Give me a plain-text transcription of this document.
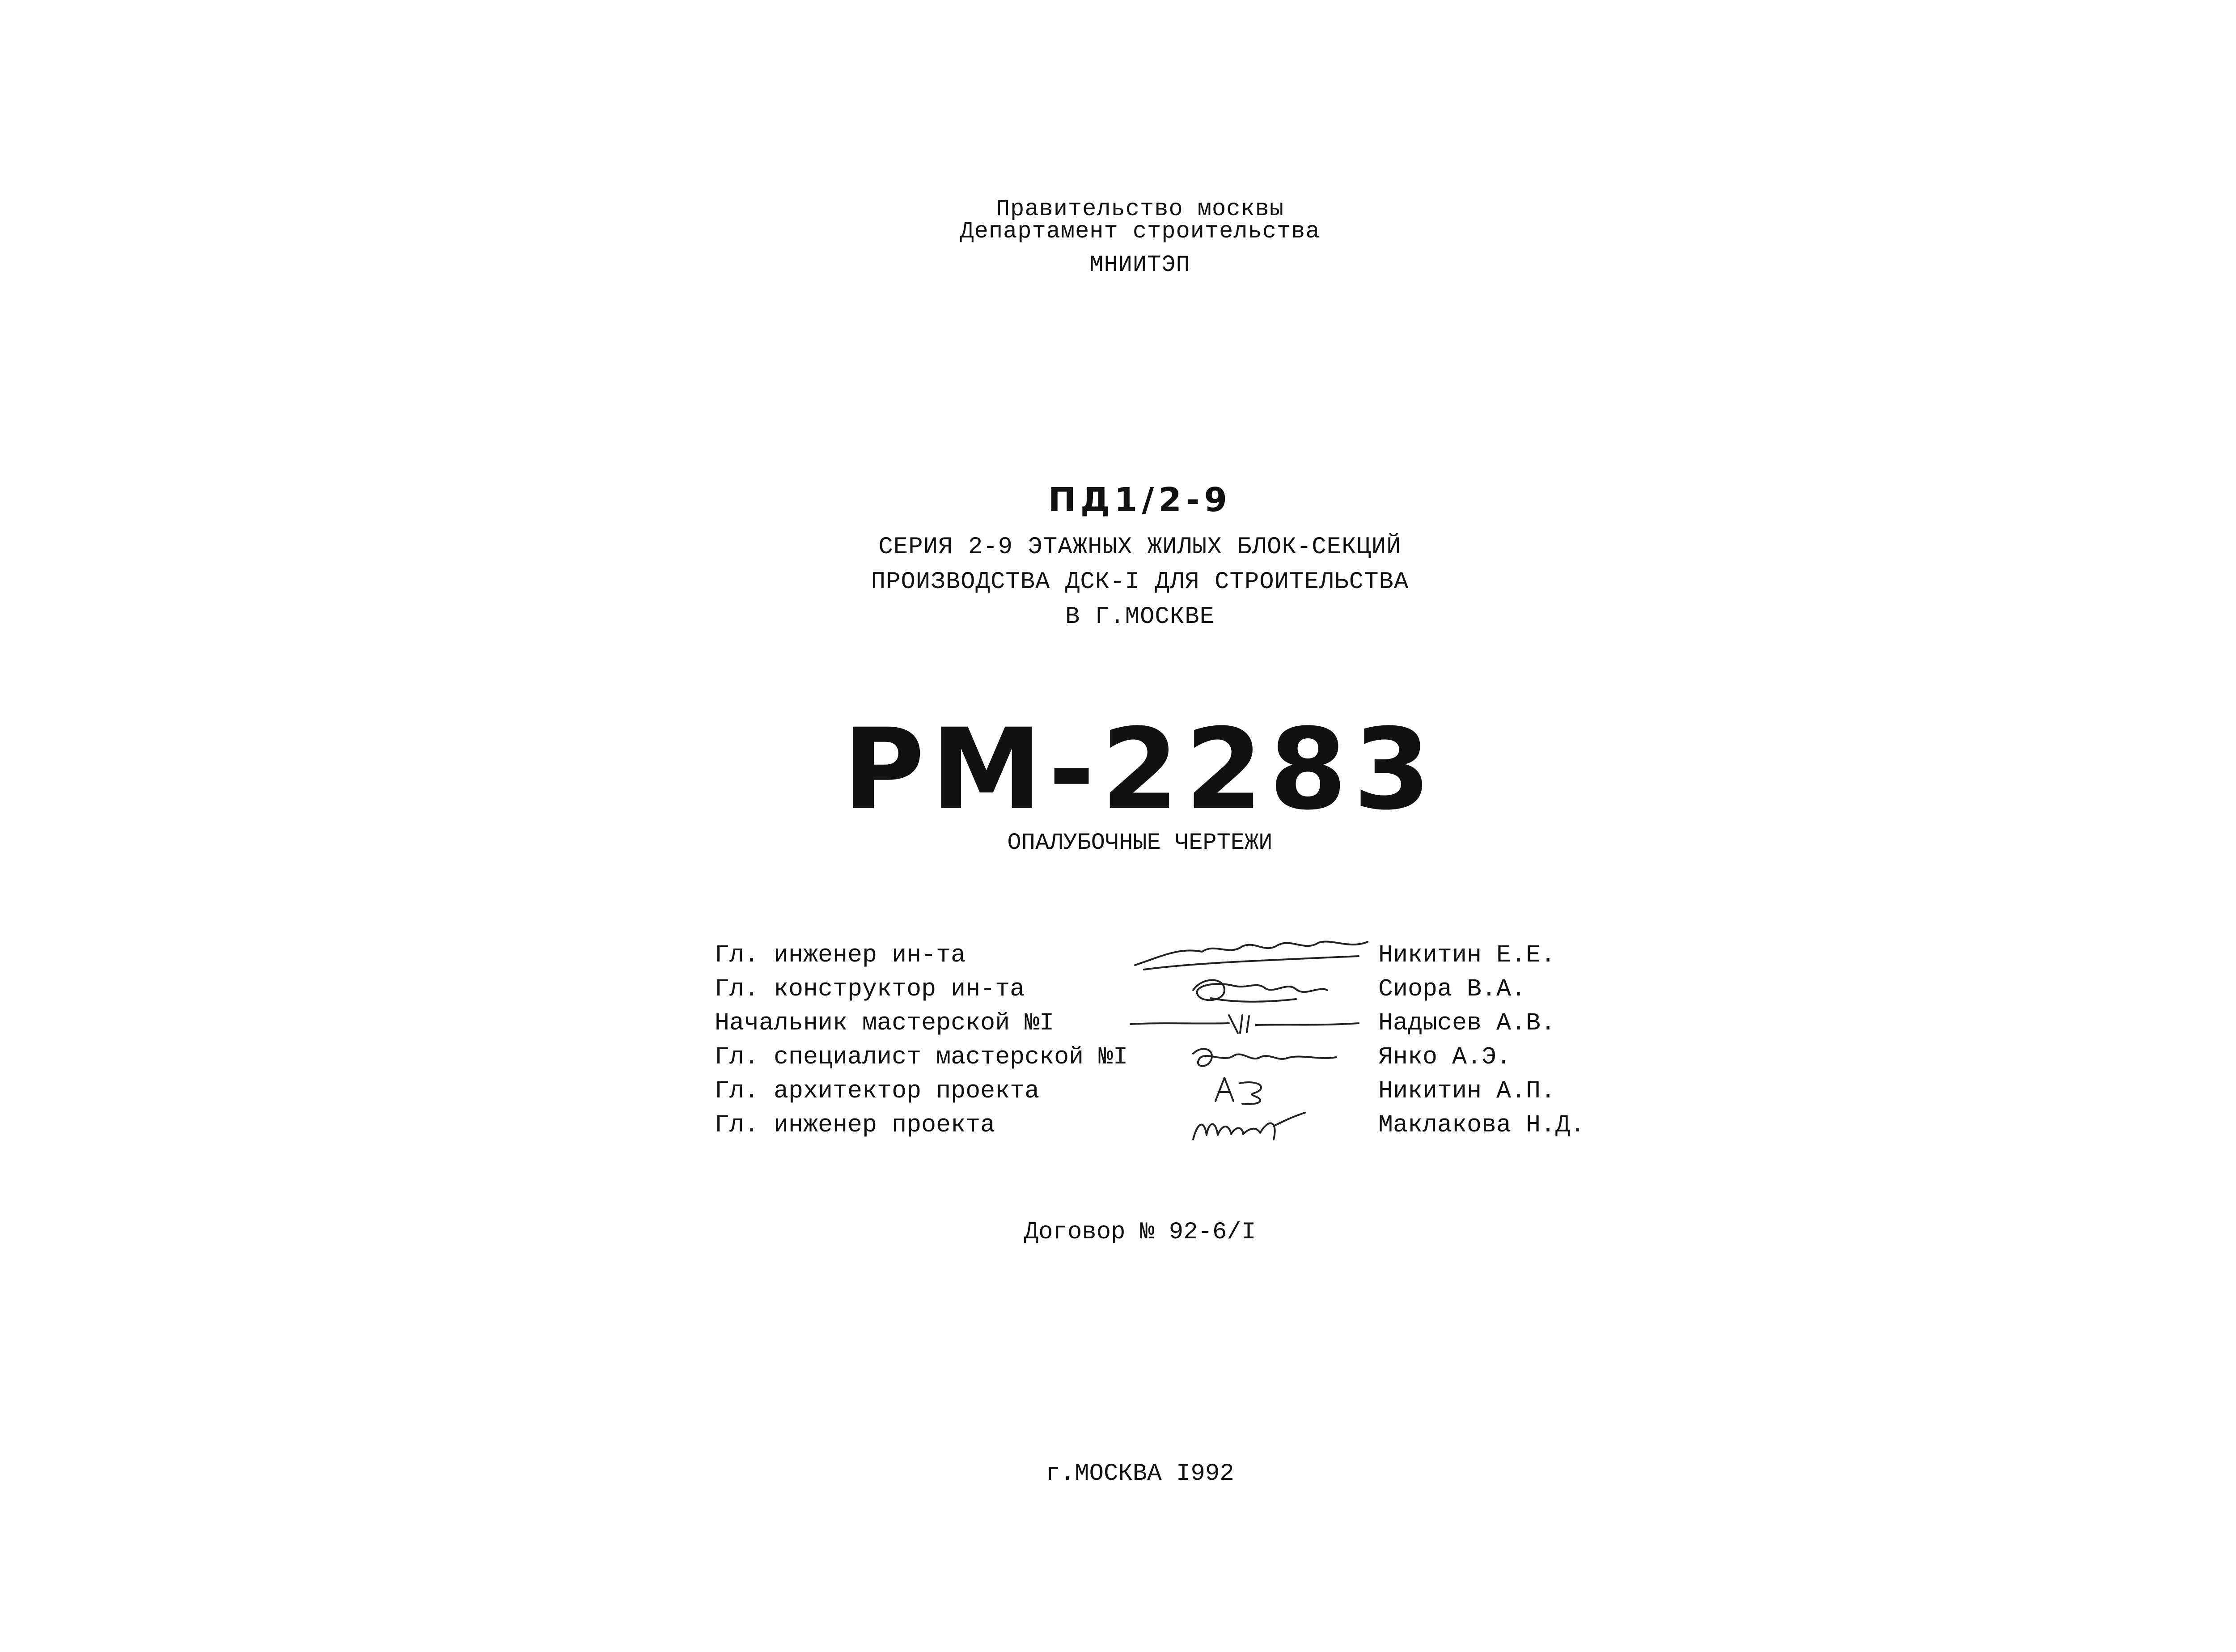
Правительство москвы
Департамент строительства
МНИИТЭП
ПД1/2-9
СЕРИЯ 2-9 ЭТАЖНЫХ ЖИЛЫХ БЛОК-СЕКЦИЙ
ПРОИЗВОДСТВА ДСК-I ДЛЯ СТРОИТЕЛЬСТВА
В Г.МОСКВЕ
РМ-2283
ОПАЛУБОЧНЫЕ ЧЕРТЕЖИ
Гл. инженер ин-та	Никитин Е.Е.
Гл. конструктор ин-та	Сиора В.А.
Начальник мастерской №I	Надысев А.В.
Гл. специалист мастерской №I	Янко А.Э.
Гл. архитектор проекта	Никитин А.П.
Гл. инженер проекта	Маклакова Н.Д.
Договор № 92-6/I
г.МОСКВА I992
